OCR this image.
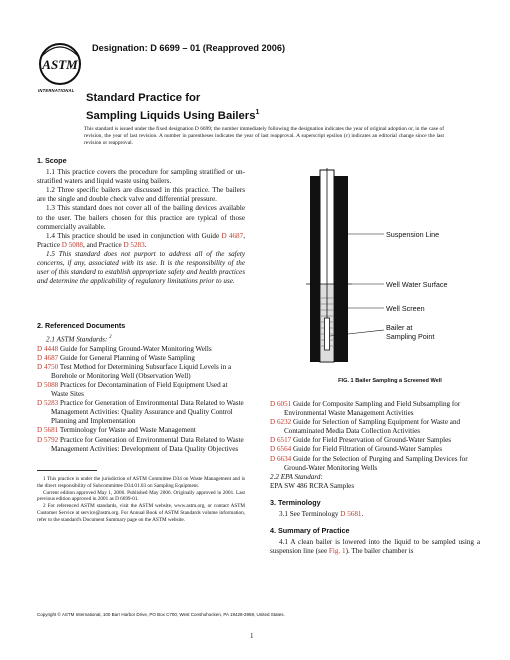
ASTM
INTERNATIONAL
Designation: D 6699 – 01 (Reapproved 2006)
Standard Practice for
Sampling Liquids Using Bailers$^1$
This standard is issued under the fixed designation D 6699; the number immediately following the designation indicates the year of original adoption or, in the case of revision, the year of last revision. A number in parentheses indicates the year of last reapproval. A superscript epsilon (ε) indicates an editorial change since the last revision or reapproval.

1. Scope

1.1 This practice covers the procedure for sampling stratified or un-stratified waters and liquid waste using bailers.

1.2 Three specific bailers are discussed in this practice. The bailers are the single and double check valve and differential pressure.

1.3 This standard does not cover all of the bailing devices available to the user. The bailers chosen for this practice are typical of those commercially available.

1.4 This practice should be used in conjunction with Guide D 4687, Practice D 5088, and Practice D 5283.

1.5 This standard does not purport to address all of the safety concerns, if any, associated with its use. It is the responsibility of the user of this standard to establish appropriate safety and health practices and determine the applicability of regulatory limitations prior to use.

2. Referenced Documents

2.1 ASTM Standards: $^2$

D 4448 Guide for Sampling Ground-Water Monitoring Wells

D 4687 Guide for General Planning of Waste Sampling

D 4750 Test Method for Determining Subsurface Liquid Levels in a Borehole or Monitoring Well (Observation Well)

D 5088 Practices for Decontamination of Field Equipment Used at Waste Sites

D 5283 Practice for Generation of Environmental Data Related to Waste Management Activities: Quality Assurance and Quality Control Planning and Implementation

D 5681 Terminology for Waste and Waste Management

D 5792 Practice for Generation of Environmental Data Related to Waste Management Activities: Development of Data Quality Objectives

1 This practice is under the jurisdiction of ASTM Committee D34 on Waste Management and is the direct responsibility of Subcommittee D34.01.03 on Sampling Equipment.

Current edition approved May 1, 2006. Published May 2006. Originally approved in 2001. Last previous edition approved in 2001 as D 6699-01.

2 For referenced ASTM standards, visit the ASTM website, www.astm.org, or contact ASTM Customer Service at service@astm.org. For Annual Book of ASTM Standards volume information, refer to the standard's Document Summary page on the ASTM website.

Suspension Line
Well Water Surface
Well Screen
Bailer at
Sampling Point
FIG. 1 Bailer Sampling a Screened Well

D 6051 Guide for Composite Sampling and Field Subsampling for Environmental Waste Management Activities

D 6232 Guide for Selection of Sampling Equipment for Waste and Contaminated Media Data Collection Activities

D 6517 Guide for Field Preservation of Ground-Water Samples

D 6564 Guide for Field Filtration of Ground-Water Samples

D 6634 Guide for the Selection of Purging and Sampling Devices for Ground-Water Monitoring Wells

2.2 EPA Standard:

EPA SW 486 RCRA Samples

3. Terminology

3.1 See Terminology D 5681.

4. Summary of Practice

4.1 A clean bailer is lowered into the liquid to be sampled using a suspension line (see Fig. 1). The bailer chamber is

Copyright © ASTM International, 100 Barr Harbor Drive, PO Box C700, West Conshohocken, PA 19428-2959, United States.
1
